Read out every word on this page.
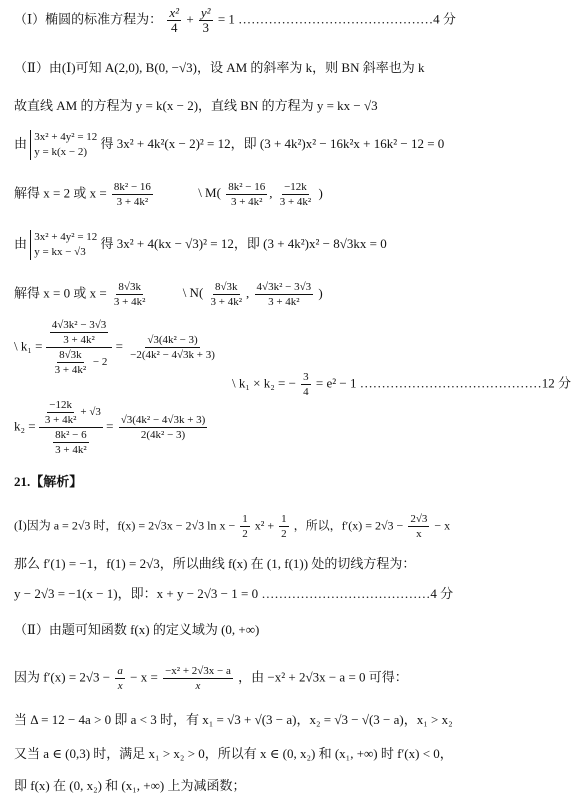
（Ⅰ）椭圆的标准方程为： $\frac{\text{x²}}{4} + \frac{\text{y²}}{3} = 1$ ………………………………………4 分
（Ⅱ）由(Ⅰ)可知 A(2,0), B(0, −√3)，设 AM 的斜率为 k，则 BN 斜率也为 k
故直线 AM 的方程为 y = k(x − 2)，直线 BN 的方程为 y = kx − √3
由 3x² + 4y² = 12
y = k(x − 2)
得 3x² + 4k²(x − 2)² = 12，即 (3 + 4k²)x² − 16k²x + 16k² − 12 = 0
解得 x = 2 或 $x = \frac{\text{8k² − 16}}{\text{3 + 4k²}}$	\ $M( \frac{\text{8k² − 16}}{\text{3 + 4k²}}$ , $\frac{-12k}{\text{3 + 4k²}}$ )
由 3x² + 4y² = 12
y = kx − √3
得 3x² + 4(kx − √3)² = 12，即 (3 + 4k²)x² − 8√3kx = 0
解得 x = 0 或 $x = \frac{8√3k}{\text{3 + 4k²}}$	\ $N( \frac{8√3k}{\text{3 + 4k²}}$ , $\frac{\text{4√3k² − 3√3}}{\text{3 + 4k²}}$ )
\ $k_1 = \frac{\frac{\text{4√3k² − 3√3}}{\text{3 + 4k²}}}{\frac{8√3k}{\text{3 + 4k²}} - 2} = \frac{\text{√3(4k² − 3)}}{\text{−2(4k² − 4√3k + 3)}}$
\ k₁ × k₂ = − $\frac{3}{4} = e^2 - 1$ ……………………………………12 分
$k_2 = \frac{\frac{-12k}{\text{3 + 4k²}} + √3}{\frac{\text{8k² − 6}}{\text{3 + 4k²}}} = \frac{\text{√3(4k² − 4√3k + 3)}}{\text{2(4k² − 3)}}$
21.【解析】
(Ⅰ)因为 a = 2√3 时，f(x) = 2√3x − 2√3 $\ln x - \frac{1}{2} x^2 + \frac{1}{2}$ ，所以，$f'(x) = 2√3 - \frac{2√3}{x} - x$
那么 f′(1) = −1，f(1) = 2√3，所以曲线 f(x) 在 (1, f(1)) 处的切线方程为：
y − 2√3 = −1(x − 1)，即：x + y − 2√3 − 1 = 0 …………………………………4 分
（Ⅱ）由题可知函数 f(x) 的定义域为 (0, +∞)
因为 $f'(x) = 2√3 - \frac{a}{x} - x = \frac{\text{−x² + 2√3x − a}}{x}$ ，由 −x² + 2√3x − a = 0 可得：
当 Δ = 12 − 4a > 0 即 a < 3 时，有 x₁ = √3 + √(3 − a)，x₂ = √3 − √(3 − a)，x₁ > x₂
又当 a ∈ (0,3) 时，满足 x₁ > x₂ > 0，所以有 x ∈ (0, x₂) 和 (x₁, +∞) 时 f′(x) < 0，
即 f(x) 在 (0, x₂) 和 (x₁, +∞) 上为减函数；
